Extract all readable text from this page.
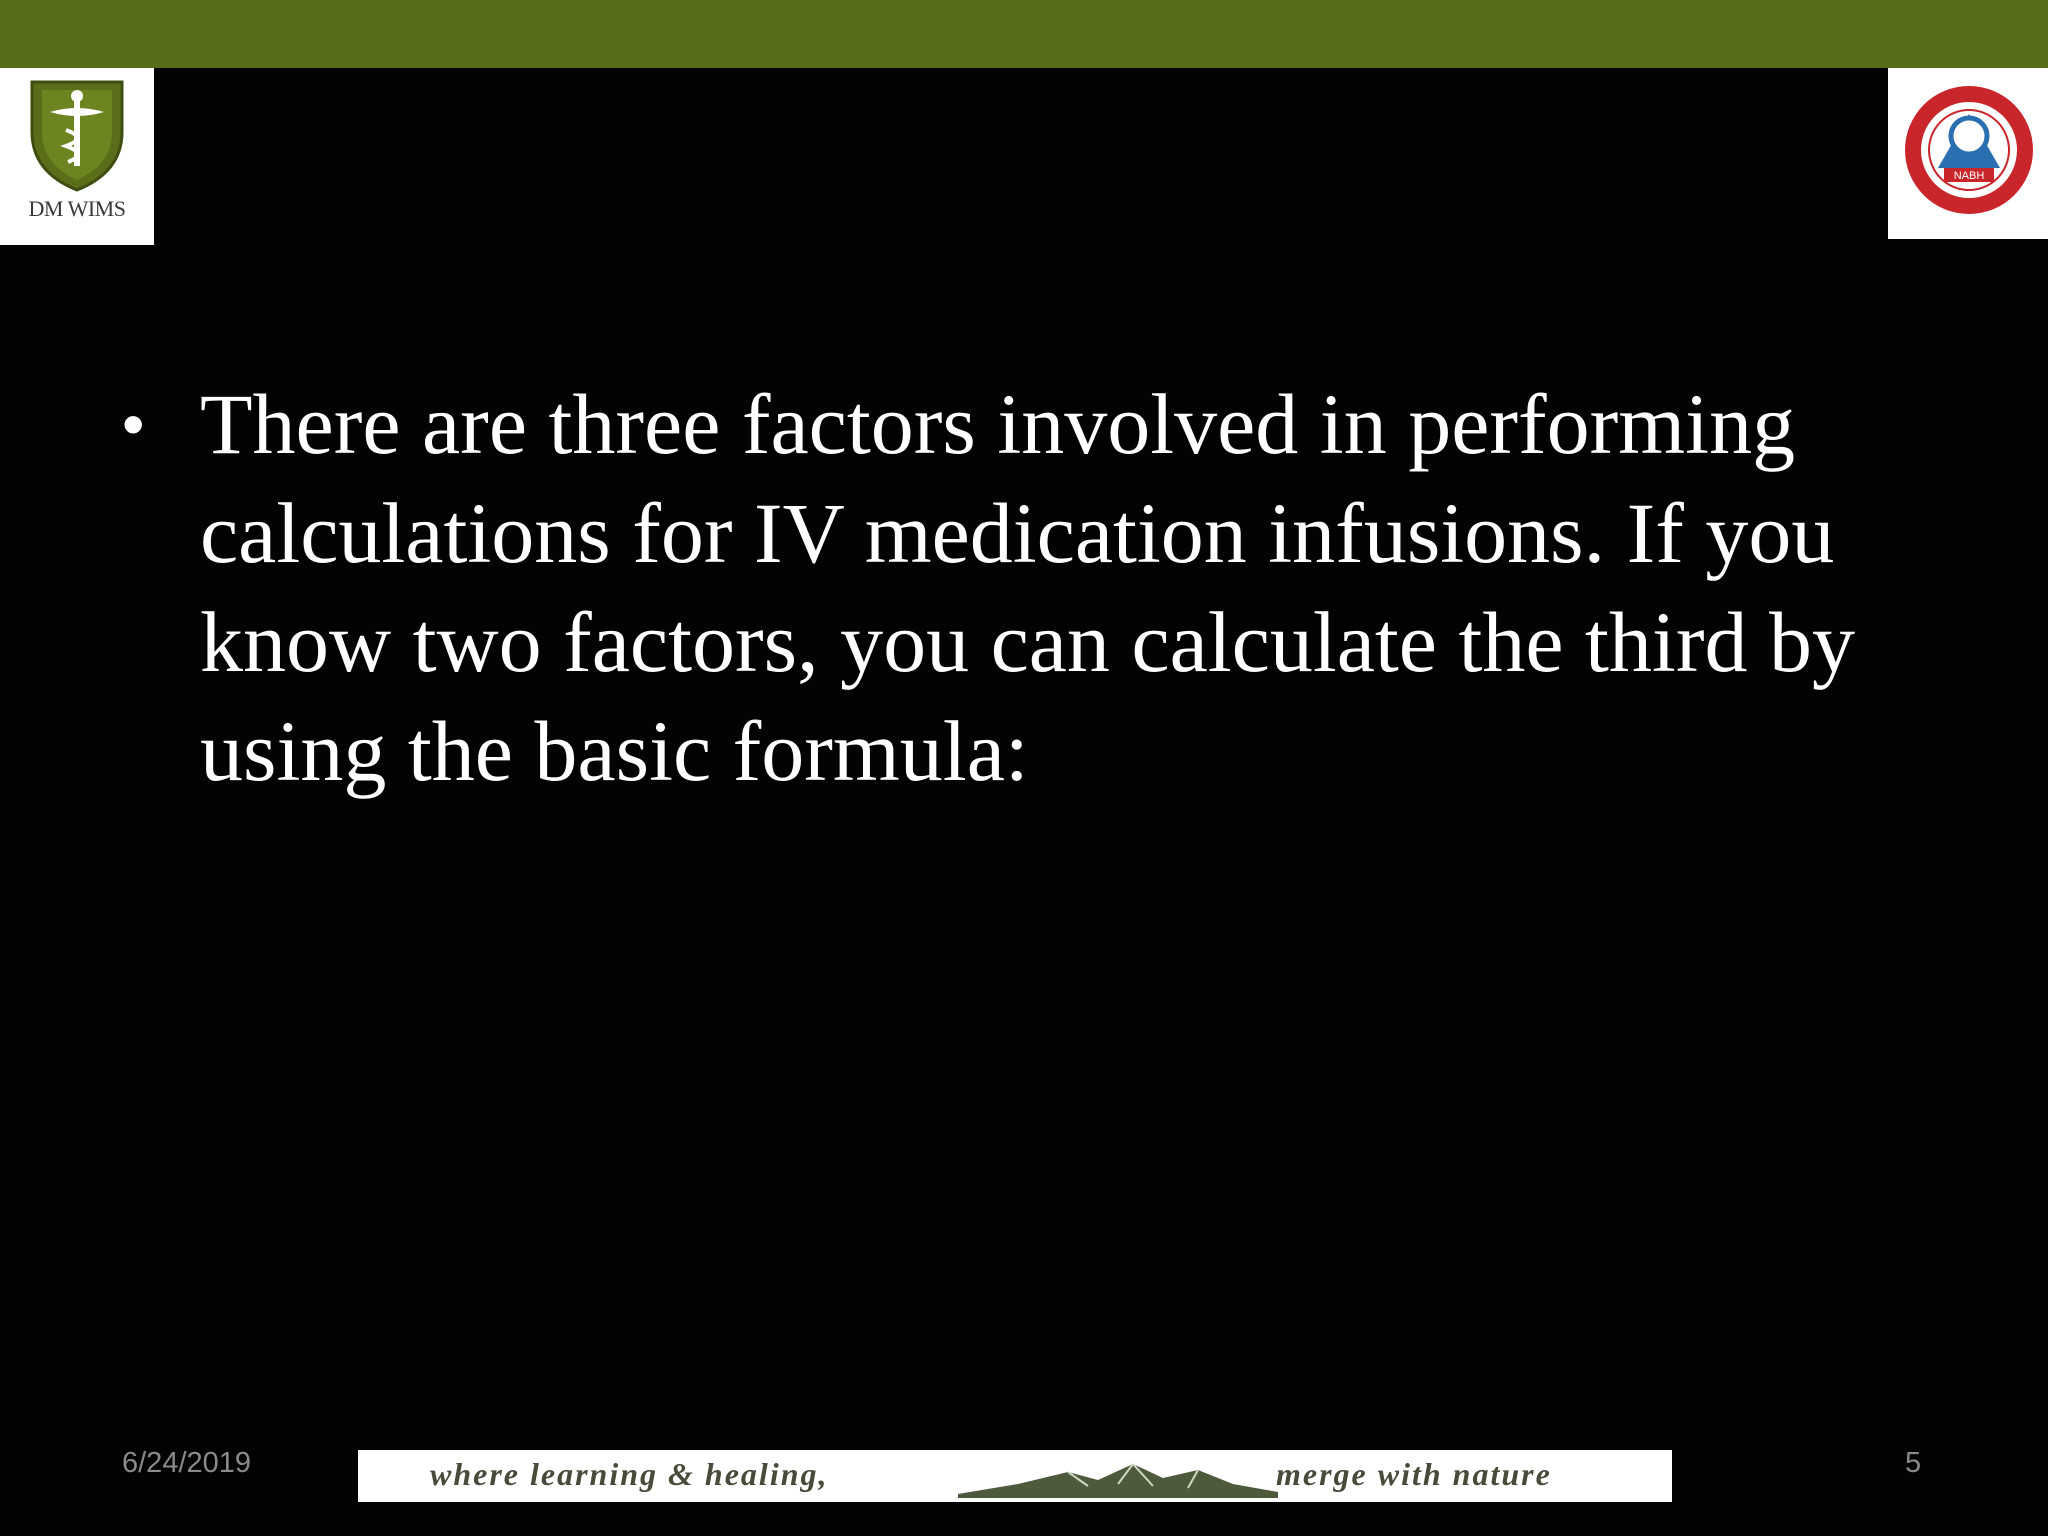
DM WIMS
NABH
• There are three factors involved in performing calculations for IV medication infusions. If you know two factors, you can calculate the third by using the basic formula:
6/24/2019	where learning & healing,	merge with nature	5
